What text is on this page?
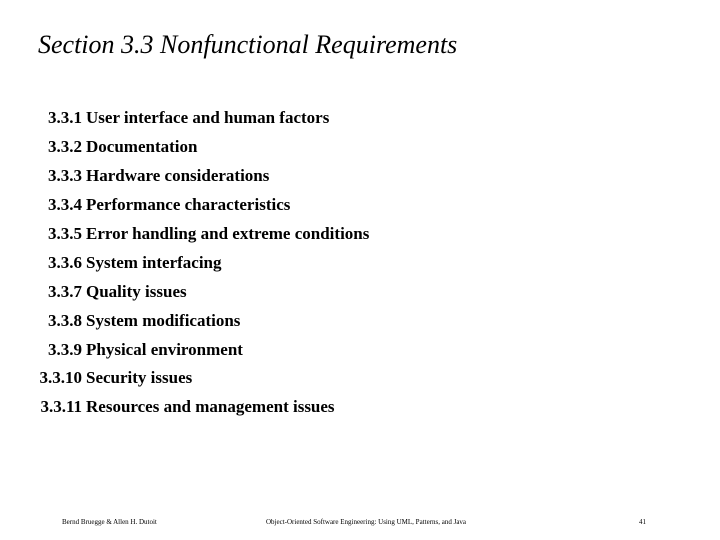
Section 3.3 Nonfunctional Requirements
3.3.1 User interface and human factors
3.3.2 Documentation
3.3.3 Hardware considerations
3.3.4 Performance characteristics
3.3.5 Error handling and extreme conditions
3.3.6 System interfacing
3.3.7 Quality issues
3.3.8 System modifications
3.3.9 Physical environment
3.3.10 Security issues
3.3.11 Resources and management issues
Bernd Bruegge & Allen H. Dutoit	Object-Oriented Software Engineering: Using UML, Patterns, and Java	41
